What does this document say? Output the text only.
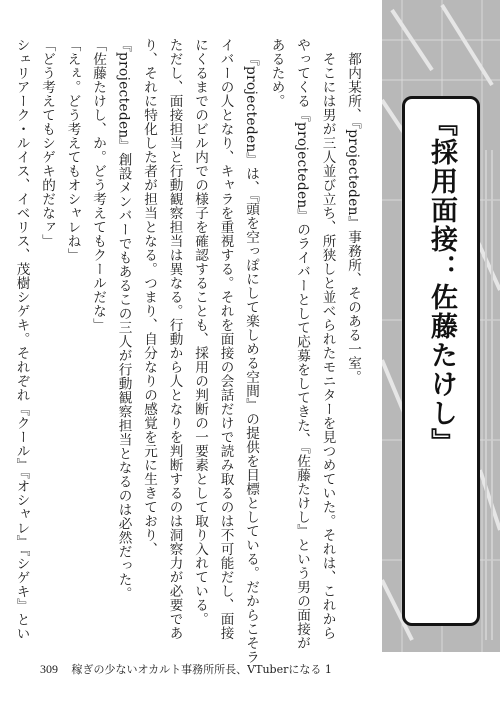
都内某所、『projectеden』事務所、そのある一室。

そこには男が三人並び立ち、所狭しと並べられたモニターを見つめていた。それは、これから

やってくる『projectеden』のライバーとして応募をしてきた、『佐藤たけし』という男の面接が

あるため。

『projectеden』は、『頭を空っぽにして楽しめる空間』の提供を目標としている。だからこそラ

イバーの人となり、キャラを重視する。それを面接の会話だけで読み取るのは不可能だし、面接

にくるまでのビル内での様子を確認することも、採用の判断の一要素として取り入れている。

ただし、面接担当と行動観察担当は異なる。行動から人となりを判断するのは洞察力が必要であ

り、それに特化した者が担当となる。つまり、自分なりの感覚を元に生きており、

『projectеden』創設メンバーでもあるこの三人が行動観察担当となるのは必然だった。

「佐藤たけし、か。どう考えてもクールだな」

「えぇ。どう考えてもオシャレね」

「どう考えてもシゲキ的だなァ」

シェリアーク・ルイス、イベリス、茂樹シゲキ。それぞれ『クール』『オシャレ』『シゲキ』とい	『採用面接：佐藤たけし』
309 稼ぎの少ないオカルト事務所所長、VTuberになる 1
